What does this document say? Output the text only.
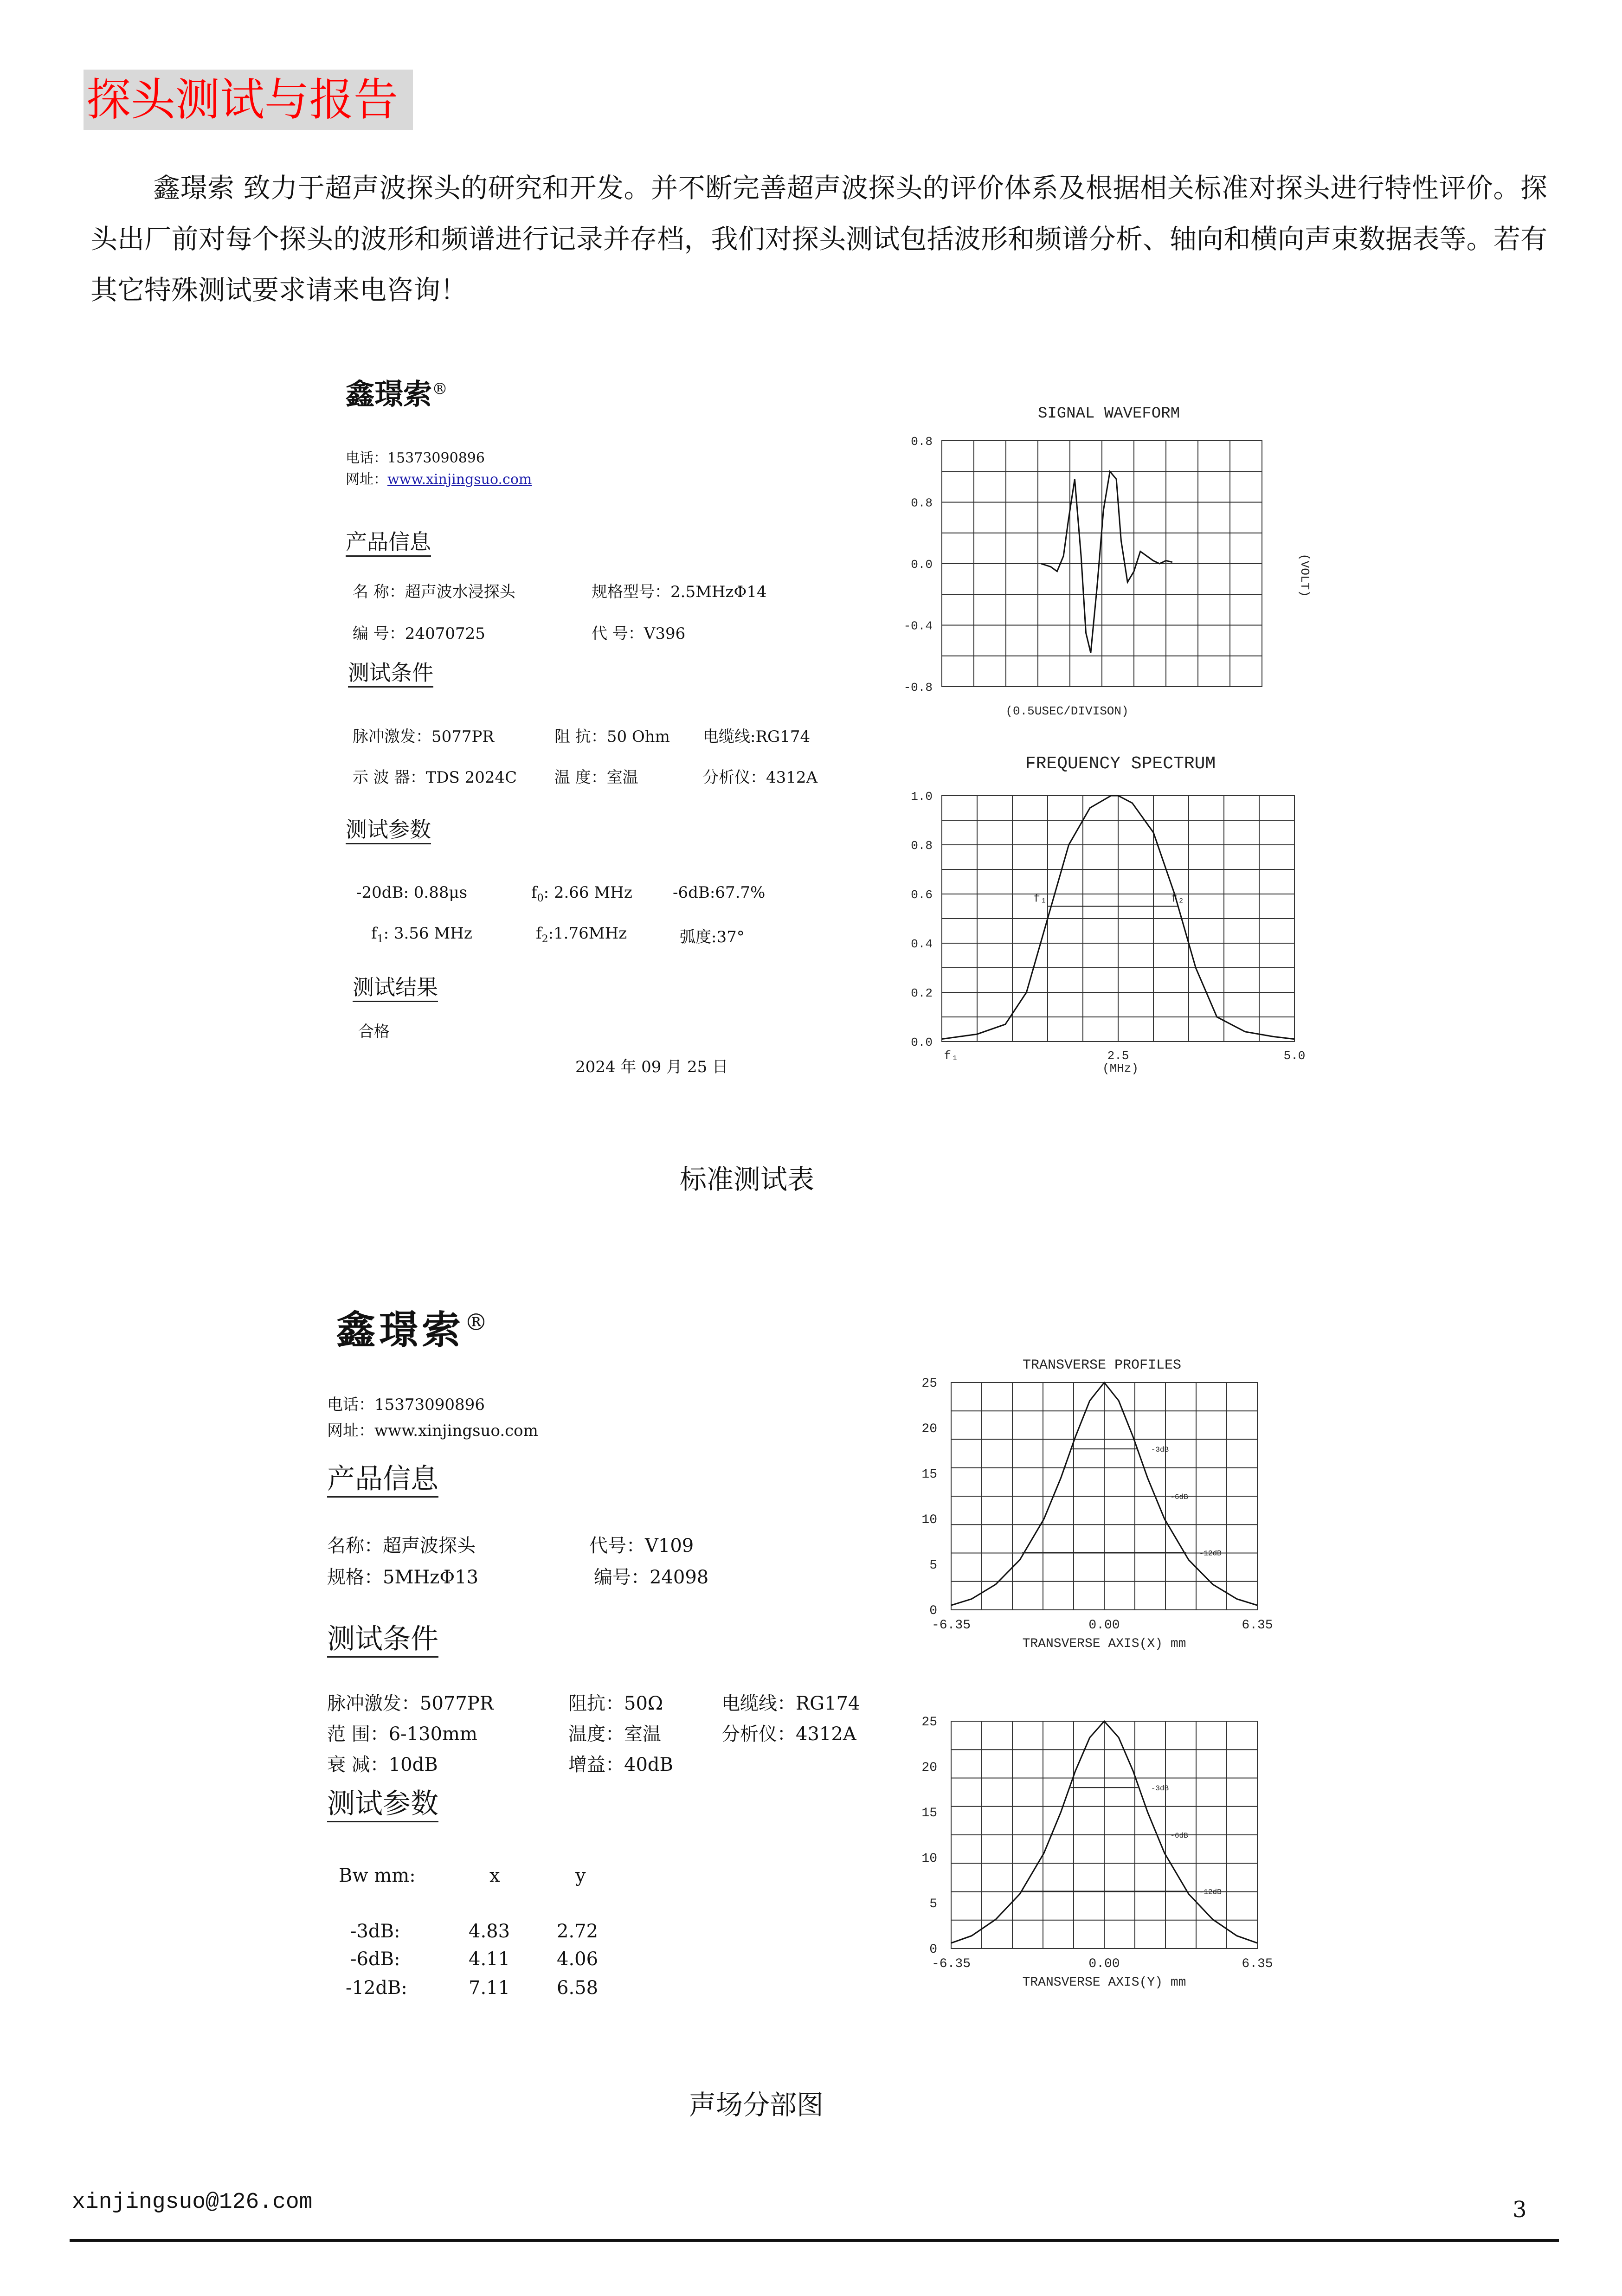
探头测试与报告
鑫璟索 致力于超声波探头的研究和开发。并不断完善超声波探头的评价体系及根据相关标准对探头进行特性评价。探头出厂前对每个探头的波形和频谱进行记录并存档，我们对探头测试包括波形和频谱分析、轴向和横向声束数据表等。若有其它特殊测试要求请来电咨询！
鑫璟索®
电话：15373090896
网址：www.xinjingsuo.com
产品信息
名 称：超声波水浸探头	规格型号：2.5MHzΦ14
编 号：24070725	代 号：V396
测试条件
脉冲激发：5077PR	阻 抗：50 Ohm 电缆线:RG174
示 波 器：TDS 2024C 温 度：室温	分析仪：4312A
测试参数
-20dB: 0.88μs	$f_0$: 2.66 MHz	-6dB:67.7%
$f_1$: 3.56 MHz	$f_2:1.76MHz$	弧度:37°
测试结果
合格
2024 年 09 月 25 日
SIGNAL WAVEFORM
0.8
0.8
0.0
-0.4
-0.8
(VOLT)
(0.5USEC/DIVISON)
FREQUENCY SPECTRUM
1.0
0.8
0.6
0.4
0.2
0.0
f₁	2.5	5.0
f₁	f₂
(MHz)
标准测试表
鑫璟索®
电话：15373090896
网址：www.xinjingsuo.com
产品信息
名称：超声波探头	代号：V109
规格：5MHzΦ13	编号：24098
测试条件
脉冲激发：5077PR	阻抗：50Ω	电缆线：RG174
范 围：6-130mm	温度：室温	分析仪：4312A
衰 减：10dB	增益：40dB
测试参数
Bw mm:	x	y
-3dB:	4.83	2.72
-6dB:	4.11	4.06
-12dB:	7.11	6.58
TRANSVERSE PROFILES
25
20
15
10
5
0
-6.35	0.00	6.35
-3dB
-6dB
-12dB
TRANSVERSE AXIS(X) mm
25
20
15
10
5
0
-6.35	0.00	6.35
-3dB
-6dB
-12dB
TRANSVERSE AXIS(Y) mm
声场分部图
xinjingsuo@126.com	3
